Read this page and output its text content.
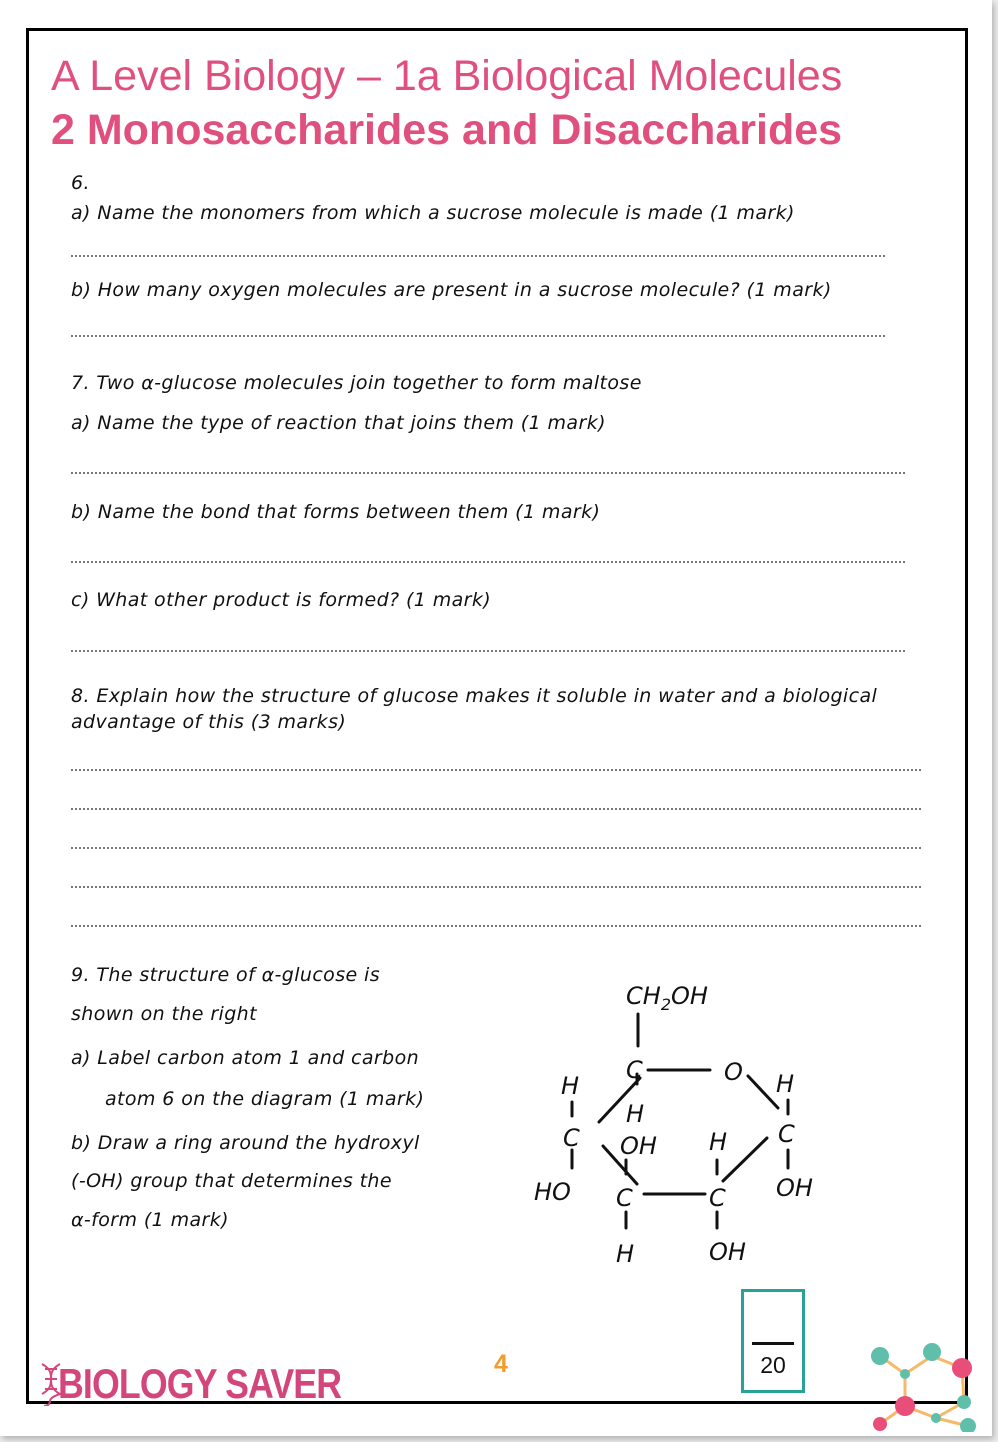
A Level Biology – 1a Biological Molecules
2 Monosaccharides and Disaccharides
6.
a) Name the monomers from which a sucrose molecule is made (1 mark)
b) How many oxygen molecules are present in a sucrose molecule? (1 mark)
7. Two α-glucose molecules join together to form maltose
a) Name the type of reaction that joins them (1 mark)
b) Name the bond that forms between them (1 mark)
c) What other product is formed? (1 mark)
8. Explain how the structure of glucose makes it soluble in water and a biological
advantage of this (3 marks)
9. The structure of α-glucose is
shown on the right
a) Label carbon atom 1 and carbon
atom 6 on the diagram (1 mark)
b) Draw a ring around the hydroxyl
(-OH) group that determines the
α-form (1 mark)
$CH_2OH$
C	O
H
H
H
C OH H C
HO C	C OH
H	OH
20
BIOLOGY SAVER	4
